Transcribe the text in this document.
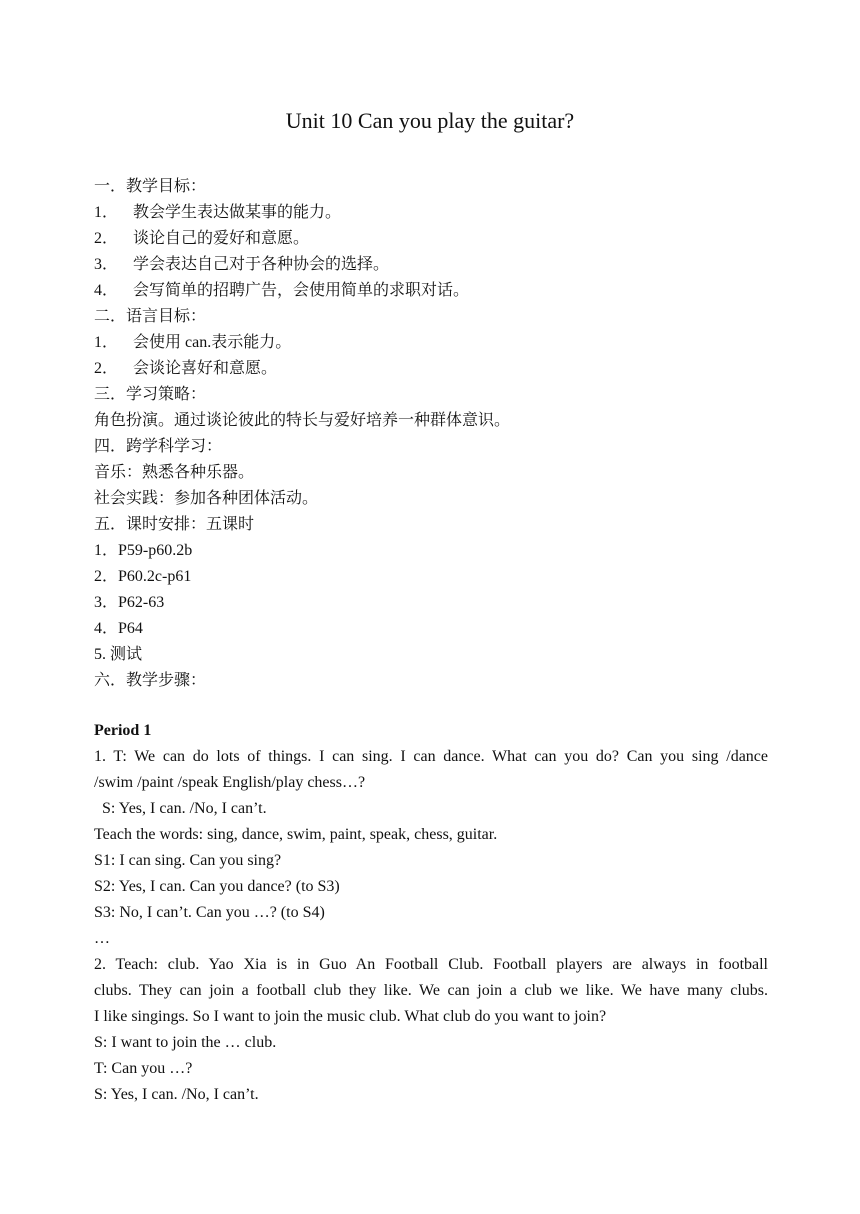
Unit 10 Can you play the guitar?
一．教学目标：
1． 教会学生表达做某事的能力。
2． 谈论自己的爱好和意愿。
3． 学会表达自己对于各种协会的选择。
4． 会写简单的招聘广告，会使用简单的求职对话。
二．语言目标：
1． 会使用 can.表示能力。
2． 会谈论喜好和意愿。
三．学习策略：
角色扮演。通过谈论彼此的特长与爱好培养一种群体意识。
四．跨学科学习：
音乐：熟悉各种乐器。
社会实践：参加各种团体活动。
五．课时安排：五课时
1．P59-p60.2b
2．P60.2c-p61
3．P62-63
4．P64
5. 测试
六．教学步骤：
Period 1
1. T: We can do lots of things. I can sing. I can dance. What can you do? Can you sing /dance
/swim /paint /speak English/play chess…?
S: Yes, I can. /No, I can’t.
Teach the words: sing, dance, swim, paint, speak, chess, guitar.
S1: I can sing. Can you sing?
S2: Yes, I can. Can you dance? (to S3)
S3: No, I can’t. Can you …? (to S4)
…
2. Teach: club. Yao Xia is in Guo An Football Club. Football players are always in football
clubs. They can join a football club they like. We can join a club we like. We have many clubs.
I like singings. So I want to join the music club. What club do you want to join?
S: I want to join the … club.
T: Can you …?
S: Yes, I can. /No, I can’t.
